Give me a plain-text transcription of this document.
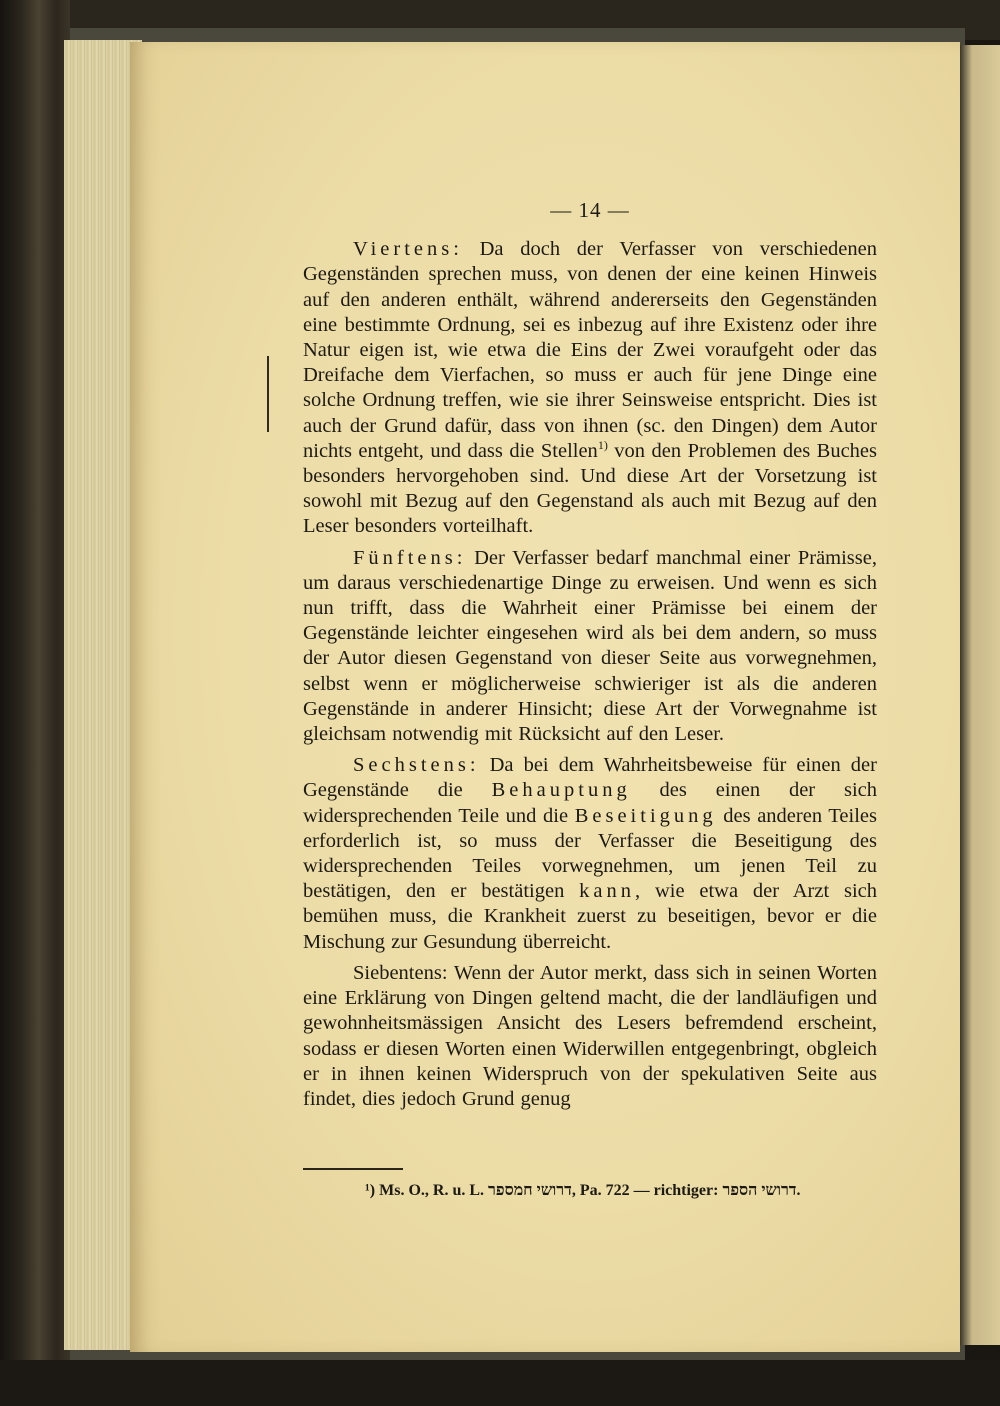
— 14 —

Viertens: Da doch der Verfasser von verschiedenen Gegenständen sprechen muss, von denen der eine keinen Hinweis auf den anderen enthält, während andererseits den Gegenständen eine bestimmte Ordnung, sei es inbezug auf ihre Existenz oder ihre Natur eigen ist, wie etwa die Eins der Zwei voraufgeht oder das Dreifache dem Vierfachen, so muss er auch für jene Dinge eine solche Ordnung treffen, wie sie ihrer Seinsweise entspricht. Dies ist auch der Grund dafür, dass von ihnen (sc. den Dingen) dem Autor nichts entgeht, und dass die Stellen$^{1)}$ von den Problemen des Buches besonders hervorgehoben sind. Und diese Art der Vorsetzung ist sowohl mit Bezug auf den Gegenstand als auch mit Bezug auf den Leser besonders vorteilhaft.

Fünftens: Der Verfasser bedarf manchmal einer Prämisse, um daraus verschiedenartige Dinge zu erweisen. Und wenn es sich nun trifft, dass die Wahrheit einer Prämisse bei einem der Gegenstände leichter eingesehen wird als bei dem andern, so muss der Autor diesen Gegenstand von dieser Seite aus vorwegnehmen, selbst wenn er möglicherweise schwieriger ist als die anderen Gegenstände in anderer Hinsicht; diese Art der Vorwegnahme ist gleichsam notwendig mit Rücksicht auf den Leser.

Sechstens: Da bei dem Wahrheitsbeweise für einen der Gegenstände die Behauptung des einen der sich widersprechenden Teile und die Beseitigung des anderen Teiles erforderlich ist, so muss der Verfasser die Beseitigung des widersprechenden Teiles vorwegnehmen, um jenen Teil zu bestätigen, den er bestätigen kann, wie etwa der Arzt sich bemühen muss, die Krankheit zuerst zu beseitigen, bevor er die Mischung zur Gesundung überreicht.

Siebentens: Wenn der Autor merkt, dass sich in seinen Worten eine Erklärung von Dingen geltend macht, die der landläufigen und gewohnheitsmässigen Ansicht des Lesers befremdend erscheint, sodass er diesen Worten einen Widerwillen entgegenbringt, obgleich er in ihnen keinen Widerspruch von der spekulativen Seite aus findet, dies jedoch Grund genug

¹) Ms. O., R. u. L. דרושי חמספר, Pa. 722 — richtiger: דרושי הספר.
